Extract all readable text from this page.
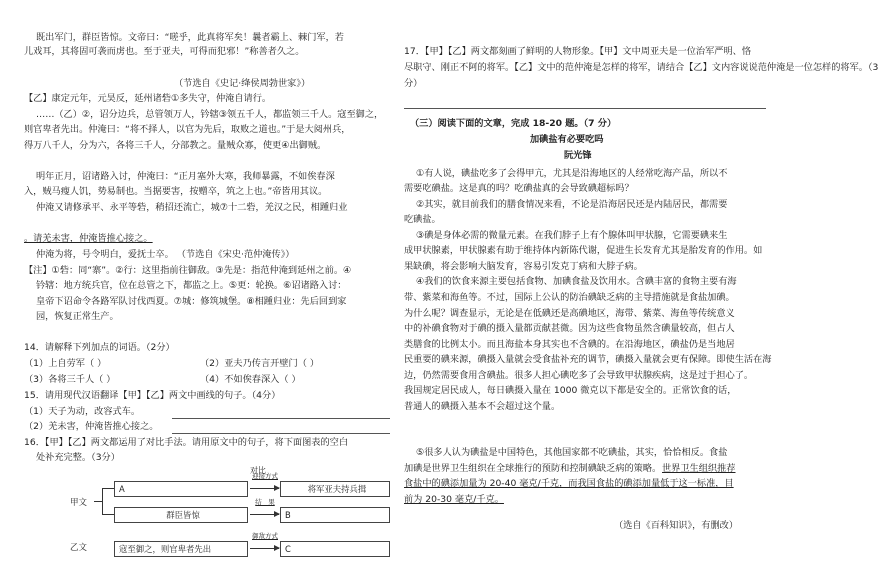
既出军门，群臣皆惊。文帝曰：“嗟乎，此真将军矣！曩者霸上、棘门军，若
儿戏耳，其将固可袭而虏也。至于亚夫，可得而犯邪！”称善者久之。
（节选自《史记·绛侯周勃世家》）
【乙】康定元年，元昊反，延州诸砦①多失守，仲淹自请行。
……（乙）②，诏分边兵，总管领万人，钤辖③领五千人，都监领三千人。寇至御之，
则官卑者先出。仲淹曰：“将不择人，以官为先后，取败之道也。”于是大阅州兵，
得万八千人，分为六，各将三千人，分部教之。量贼众寡，使更④出御贼。
明年正月，诏诸路入讨，仲淹曰：“正月塞外大寒，我师暴露，不如俟春深
入，贼马瘦人饥，势易制也。当据要害，按赠卒，筑之上也。”帝皆用其议。
仲淹又请修承平、永平等砦，稍招还流亡，城⑦十二砦，羌汉之民，相踵归业
。请羌未害，仲淹皆推心接之。
仲淹为将，号令明白，爱抚士卒。 （节选自《宋史·范仲淹传》）
【注】①砦：同“寨”。②行：这里指前往御敌。③先是：指范仲淹到延州之前。④
钤辖：地方统兵官，位在总管之下，都监之上。⑤更：轮换。⑥诏诸路入讨：
皇帝下诏命令各路军队讨伐西夏。⑦城：修筑城堡。⑧相踵归业：先后回到家
园，恢复正常生产。
14．请解释下列加点的词语。（2分）
（1）上自劳军（ ）	（2）亚夫乃传言开壁门（ ）
（3）各将三千人（ ）	（4）不如俟春深入（ ）
15．请用现代汉语翻译【甲】【乙】两文中画线的句子。（4分）
（1）天子为动，改容式车。
（2）羌未害，仲淹皆推心接之。
16．【甲】【乙】两文都运用了对比手法。请用原文中的句子，将下面图表的空白
处补充完整。（3分）
对比
甲文
乙文
A
群臣皆惊
寇至御之，则官卑者先出
将军亚夫持兵揖
B
C
迎接方式
结　果
御敌方式
17．【甲】【乙】两文都刻画了鲜明的人物形象。【甲】文中周亚夫是一位治军严明、恪
尽职守、刚正不阿的将军。【乙】文中的范仲淹是怎样的将军，请结合【乙】文内容说说范仲淹是一位怎样的将军。（3
分）
（三）阅读下面的文章，完成 18-20 题。（7 分）
加碘盐有必要吃吗
阮光锋
①有人说，碘盐吃多了会得甲亢，尤其是沿海地区的人经常吃海产品，所以不
需要吃碘盐。这是真的吗？吃碘盐真的会导致碘超标吗？
②其实，就目前我们的膳食情况来看，不论是沿海居民还是内陆居民，都需要
吃碘盐。
③碘是身体必需的微量元素。在我们脖子上有个腺体叫甲状腺，它需要碘来生
成甲状腺素，甲状腺素有助于维持体内新陈代谢，促进生长发育尤其是胎发育的作用。如
果缺碘，将会影响大脑发育，容易引发克丁病和大脖子病。
④我们的饮食来源主要包括食物、加碘食盐及饮用水。含碘丰富的食物主要有海
带、紫菜和海鱼等。不过，国际上公认的防治碘缺乏病的主导措施就是食盐加碘。
为什么呢？调查显示，无论是在低碘还是高碘地区，海带、紫菜、海鱼等传统意义
中的补碘食物对于碘的摄入量都贡献甚微。因为这些食物虽然含碘量较高，但占人
类膳食的比例太小。而且海盐本身其实也不含碘的。在沿海地区，碘盐仍是当地居
民重要的碘来源，碘摄入量就会受食盐补充的调节，碘摄入量就会更有保障。即使生活在海
边，仍然需要食用含碘盐。很多人担心碘吃多了会导致甲状腺疾病，这是过于担心了。
我国规定居民成人，每日碘摄入量在 1000 微克以下都是安全的。正常饮食的话，
普通人的碘摄入基本不会超过这个量。
⑤很多人认为碘盐是中国特色，其他国家都不吃碘盐，其实，恰恰相反。食盐
加碘是世界卫生组织在全球推行的预防和控制碘缺乏病的策略。 世界卫生组织推荐
食盐中的碘添加量为 20-40 毫克/千克，而我国食盐的碘添加量低于这一标准，目
前为 20-30 毫克/千克。
（选自《百科知识》，有删改）
